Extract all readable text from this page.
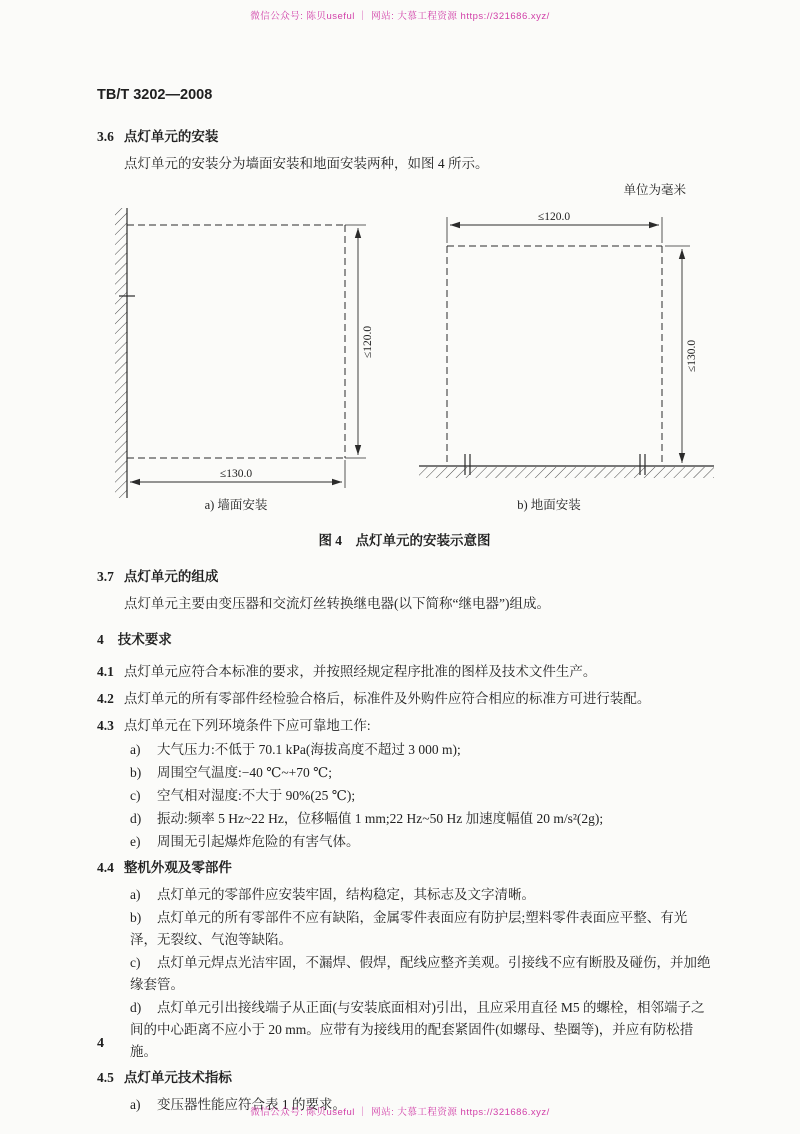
微信公众号: 陈贝useful ｜ 网站: 大慕工程资源 https://321686.xyz/
TB/T 3202—2008
3.6 点灯单元的安装
点灯单元的安装分为墙面安装和地面安装两种，如图 4 所示。
单位为毫米
≤120.0
≤130.0
a) 墙面安装
≤120.0
≤130.0
b) 地面安装
图 4　点灯单元的安装示意图
3.7 点灯单元的组成
点灯单元主要由变压器和交流灯丝转换继电器(以下简称“继电器”)组成。
4 技术要求
4.1 点灯单元应符合本标准的要求，并按照经规定程序批准的图样及技术文件生产。
4.2 点灯单元的所有零部件经检验合格后，标准件及外购件应符合相应的标准方可进行装配。
4.3 点灯单元在下列环境条件下应可靠地工作:
a) 大气压力:不低于 70.1 kPa(海拔高度不超过 3 000 m);
b) 周围空气温度:−40 ℃~+70 ℃;
c) 空气相对湿度:不大于 90%(25 ℃);
d) 振动:频率 5 Hz~22 Hz，位移幅值 1 mm;22 Hz~50 Hz 加速度幅值 20 m/s²(2g);
e) 周围无引起爆炸危险的有害气体。
4.4 整机外观及零部件
a) 点灯单元的零部件应安装牢固，结构稳定，其标志及文字清晰。
b) 点灯单元的所有零部件不应有缺陷，金属零件表面应有防护层;塑料零件表面应平整、有光泽，无裂纹、气泡等缺陷。
c) 点灯单元焊点光洁牢固，不漏焊、假焊，配线应整齐美观。引接线不应有断股及碰伤，并加绝缘套管。
d) 点灯单元引出接线端子从正面(与安装底面相对)引出，且应采用直径 M5 的螺栓，相邻端子之间的中心距离不应小于 20 mm。应带有为接线用的配套紧固件(如螺母、垫圈等)，并应有防松措施。
4.5 点灯单元技术指标
a) 变压器性能应符合表 1 的要求。
4
微信公众号: 陈贝useful ｜ 网站: 大慕工程资源 https://321686.xyz/
